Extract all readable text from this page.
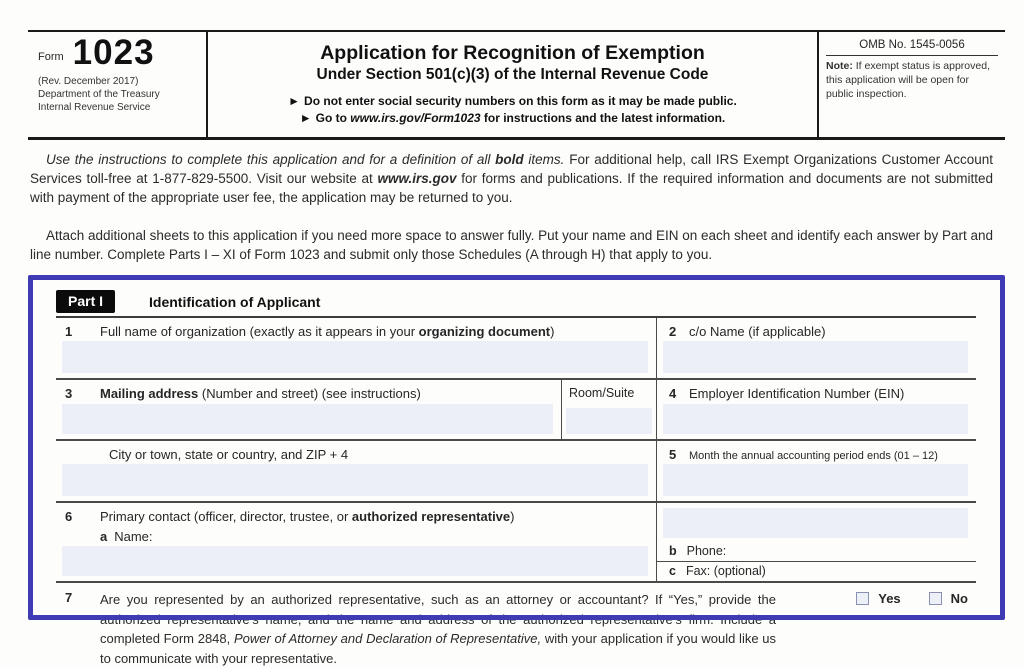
Form 1023
(Rev. December 2017)
Department of the Treasury
Internal Revenue Service
Application for Recognition of Exemption
Under Section 501(c)(3) of the Internal Revenue Code
► Do not enter social security numbers on this form as it may be made public.
► Go to www.irs.gov/Form1023 for instructions and the latest information.
OMB No. 1545-0056
Note: If exempt status is approved, this application will be open for public inspection.
Use the instructions to complete this application and for a definition of all bold items. For additional help, call IRS Exempt Organizations Customer Account Services toll-free at 1-877-829-5500. Visit our website at www.irs.gov for forms and publications. If the required information and documents are not submitted with payment of the appropriate user fee, the application may be returned to you.
Attach additional sheets to this application if you need more space to answer fully. Put your name and EIN on each sheet and identify each answer by Part and line number. Complete Parts I – XI of Form 1023 and submit only those Schedules (A through H) that apply to you.
Part I	Identification of Applicant
1	Full name of organization (exactly as it appears in your organizing document)	2 c/o Name (if applicable)
3	Mailing address (Number and street) (see instructions)	Room/Suite	4 Employer Identification Number (EIN)
City or town, state or country, and ZIP + 4	5	Month the annual accounting period ends (01 – 12)
6	Primary contact (officer, director, trustee, or authorized representative)
a Name:
b Phone:
c Fax: (optional)
7	Are you represented by an authorized representative, such as an attorney or accountant? If “Yes,” provide the authorized representative’s name, and the name and address of the authorized representative’s firm. Include a completed Form 2848, Power of Attorney and Declaration of Representative, with your application if you would like us to communicate with your representative.
Yes	No
